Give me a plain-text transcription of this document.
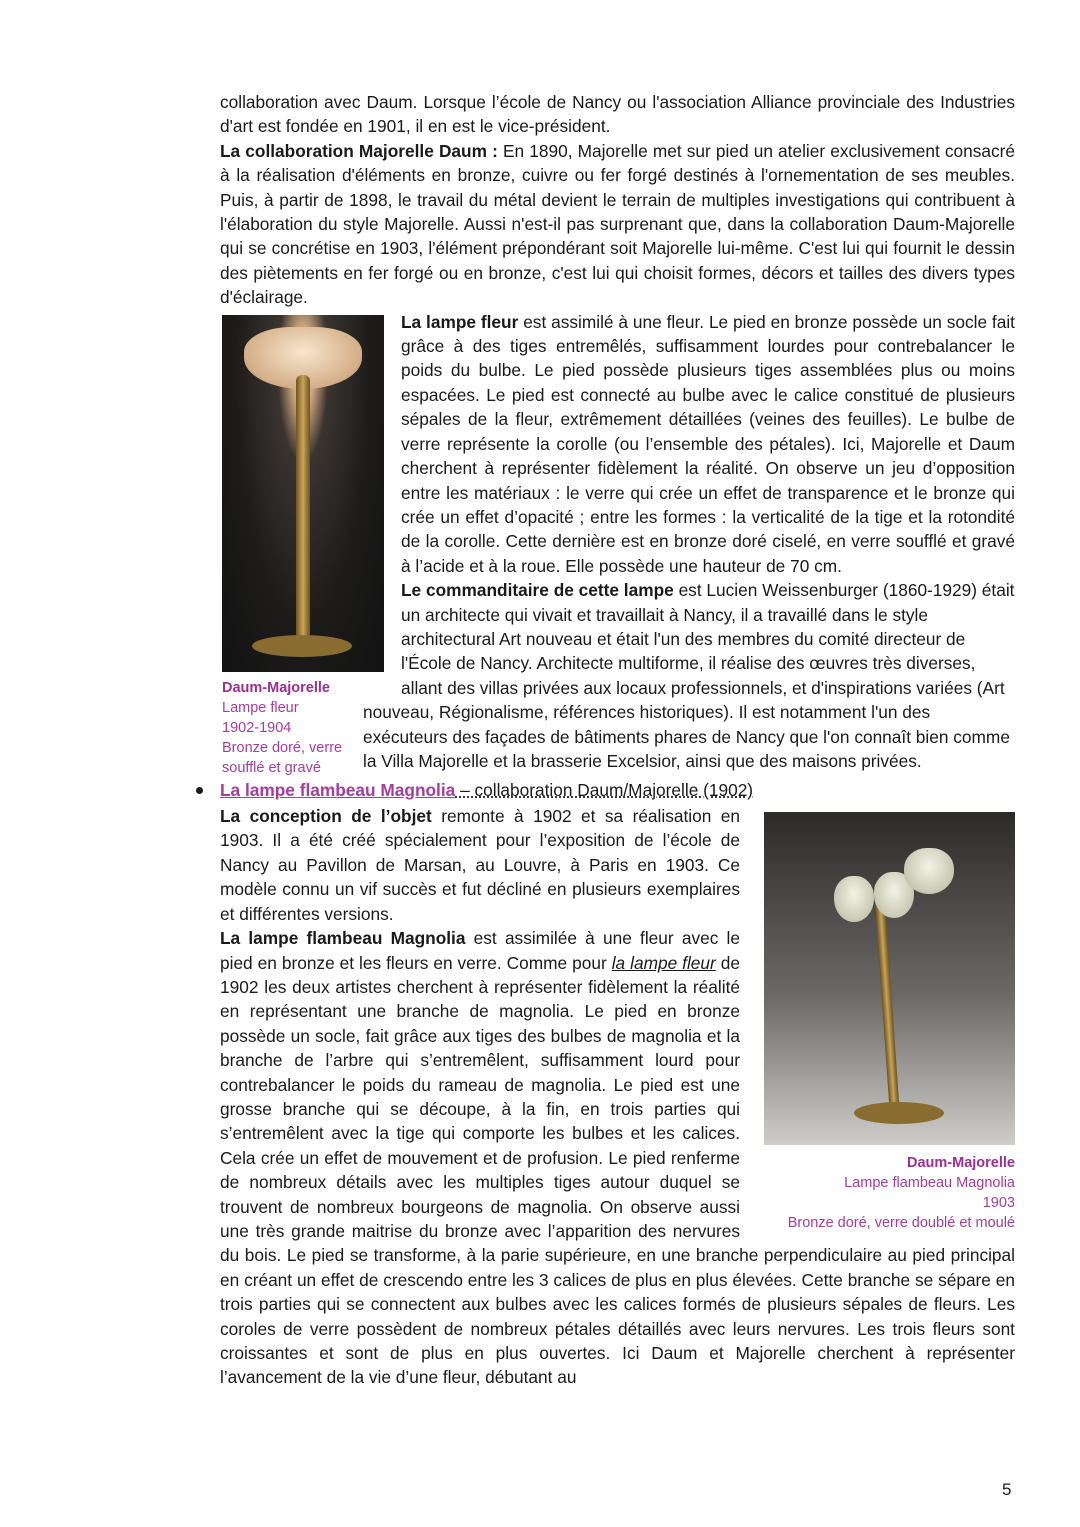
collaboration avec Daum. Lorsque l’école de Nancy ou l'association Alliance provinciale des Industries d'art est fondée en 1901, il en est le vice-président.

La collaboration Majorelle Daum : En 1890, Majorelle met sur pied un atelier exclusivement consacré à la réalisation d'éléments en bronze, cuivre ou fer forgé destinés à l'ornementation de ses meubles. Puis, à partir de 1898, le travail du métal devient le terrain de multiples investigations qui contribuent à l'élaboration du style Majorelle. Aussi n'est-il pas surprenant que, dans la collaboration Daum-Majorelle qui se concrétise en 1903, l'élément prépondérant soit Majorelle lui-même. C'est lui qui fournit le dessin des piètements en fer forgé ou en bronze, c'est lui qui choisit formes, décors et tailles des divers types d'éclairage.

Daum-Majorelle
Lampe fleur
1902-1904
Bronze doré, verre soufflé et gravé

La lampe fleur est assimilé à une fleur. Le pied en bronze possède un socle fait grâce à des tiges entremêlés, suffisamment lourdes pour contrebalancer le poids du bulbe. Le pied possède plusieurs tiges assemblées plus ou moins espacées. Le pied est connecté au bulbe avec le calice constitué de plusieurs sépales de la fleur, extrêmement détaillées (veines des feuilles). Le bulbe de verre représente la corolle (ou l’ensemble des pétales). Ici, Majorelle et Daum cherchent à représenter fidèlement la réalité. On observe un jeu d’opposition entre les matériaux : le verre qui crée un effet de transparence et le bronze qui crée un effet d’opacité ; entre les formes : la verticalité de la tige et la rotondité de la corolle. Cette dernière est en bronze doré ciselé, en verre soufflé et gravé à l’acide et à la roue. Elle possède une hauteur de 70 cm.

Le commanditaire de cette lampe est Lucien Weissenburger (1860-1929) était un architecte qui vivait et travaillait à Nancy, il a travaillé dans le style architectural Art nouveau et était l'un des membres du comité directeur de l'École de Nancy. Architecte multiforme, il réalise des œuvres très diverses, allant des villas privées aux locaux professionnels, et d'inspirations variées (Art nouveau, Régionalisme, références historiques). Il est notamment l'un des exécuteurs des façades de bâtiments phares de Nancy que l'on connaît bien comme la Villa Majorelle et la brasserie Excelsior, ainsi que des maisons privées.

La lampe flambeau Magnolia – collaboration Daum/Majorelle (1902)
Daum-Majorelle
Lampe flambeau Magnolia
1903
Bronze doré, verre doublé et moulé

La conception de l’objet remonte à 1902 et sa réalisation en 1903. Il a été créé spécialement pour l’exposition de l’école de Nancy au Pavillon de Marsan, au Louvre, à Paris en 1903. Ce modèle connu un vif succès et fut décliné en plusieurs exemplaires et différentes versions.

La lampe flambeau Magnolia est assimilée à une fleur avec le pied en bronze et les fleurs en verre. Comme pour la lampe fleur de 1902 les deux artistes cherchent à représenter fidèlement la réalité en représentant une branche de magnolia. Le pied en bronze possède un socle, fait grâce aux tiges des bulbes de magnolia et la branche de l’arbre qui s’entremêlent, suffisamment lourd pour contrebalancer le poids du rameau de magnolia. Le pied est une grosse branche qui se découpe, à la fin, en trois parties qui s’entremêlent avec la tige qui comporte les bulbes et les calices. Cela crée un effet de mouvement et de profusion. Le pied renferme de nombreux détails avec les multiples tiges autour duquel se trouvent de nombreux bourgeons de magnolia. On observe aussi une très grande maitrise du bronze avec l’apparition des nervures du bois. Le pied se transforme, à la parie supérieure, en une branche perpendiculaire au pied principal en créant un effet de crescendo entre les 3 calices de plus en plus élevées. Cette branche se sépare en trois parties qui se connectent aux bulbes avec les calices formés de plusieurs sépales de fleurs. Les coroles de verre possèdent de nombreux pétales détaillés avec leurs nervures. Les trois fleurs sont croissantes et sont de plus en plus ouvertes. Ici Daum et Majorelle cherchent à représenter l’avancement de la vie d’une fleur, débutant au

5
